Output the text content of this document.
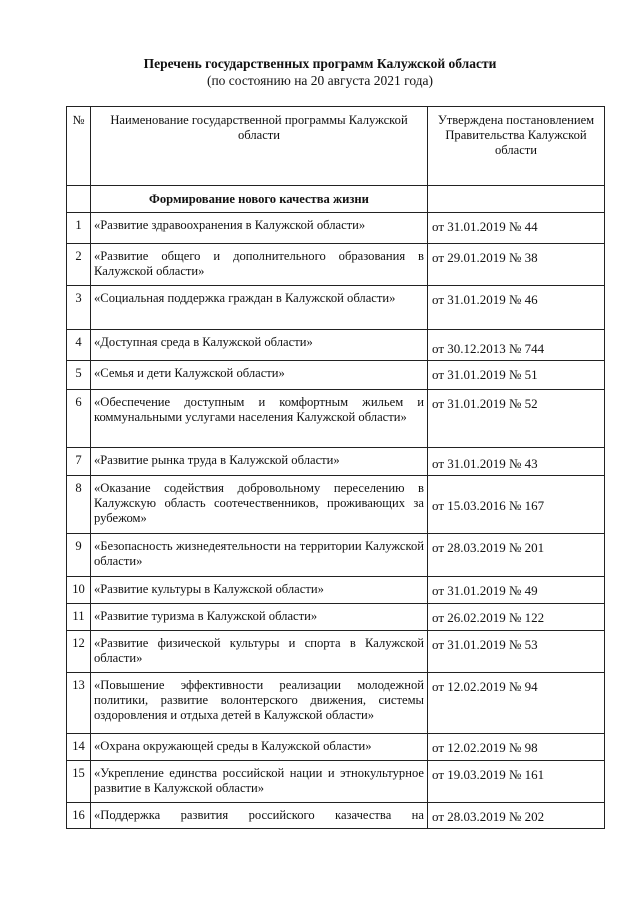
Перечень государственных программ Калужской области
(по состоянию на 20 августа 2021 года)
№	Наименование государственной программы Калужской области	Утверждена постановлением Правительства Калужской области
	Формирование нового качества жизни	
1	«Развитие здравоохранения в Калужской области»	от 31.01.2019 № 44
2	«Развитие общего и дополнительного образования в Калужской области»	от 29.01.2019 № 38
3	«Социальная поддержка граждан в Калужской области»	от 31.01.2019 № 46
4	«Доступная среда в Калужской области»	от 30.12.2013 № 744
5	«Семья и дети Калужской области»	от 31.01.2019 № 51
6	«Обеспечение доступным и комфортным жильем и коммунальными услугами населения Калужской области»	от 31.01.2019 № 52
7	«Развитие рынка труда в Калужской области»	от 31.01.2019 № 43
8	«Оказание содействия добровольному переселению в Калужскую область соотечественников, проживающих за рубежом»	от 15.03.2016 № 167
9	«Безопасность жизнедеятельности на территории Калужской области»	от 28.03.2019 № 201
10	«Развитие культуры в Калужской области»	от 31.01.2019 № 49
11	«Развитие туризма в Калужской области»	от 26.02.2019 № 122
12	«Развитие физической культуры и спорта в Калужской области»	от 31.01.2019 № 53
13	«Повышение эффективности реализации молодежной политики, развитие волонтерского движения, системы оздоровления и отдыха детей в Калужской области»	от 12.02.2019 № 94
14	«Охрана окружающей среды в Калужской области»	от 12.02.2019 № 98
15	«Укрепление единства российской нации и этнокультурное развитие в Калужской области»	от 19.03.2019 № 161
16	«Поддержка развития российского казачества на	от 28.03.2019 № 202
